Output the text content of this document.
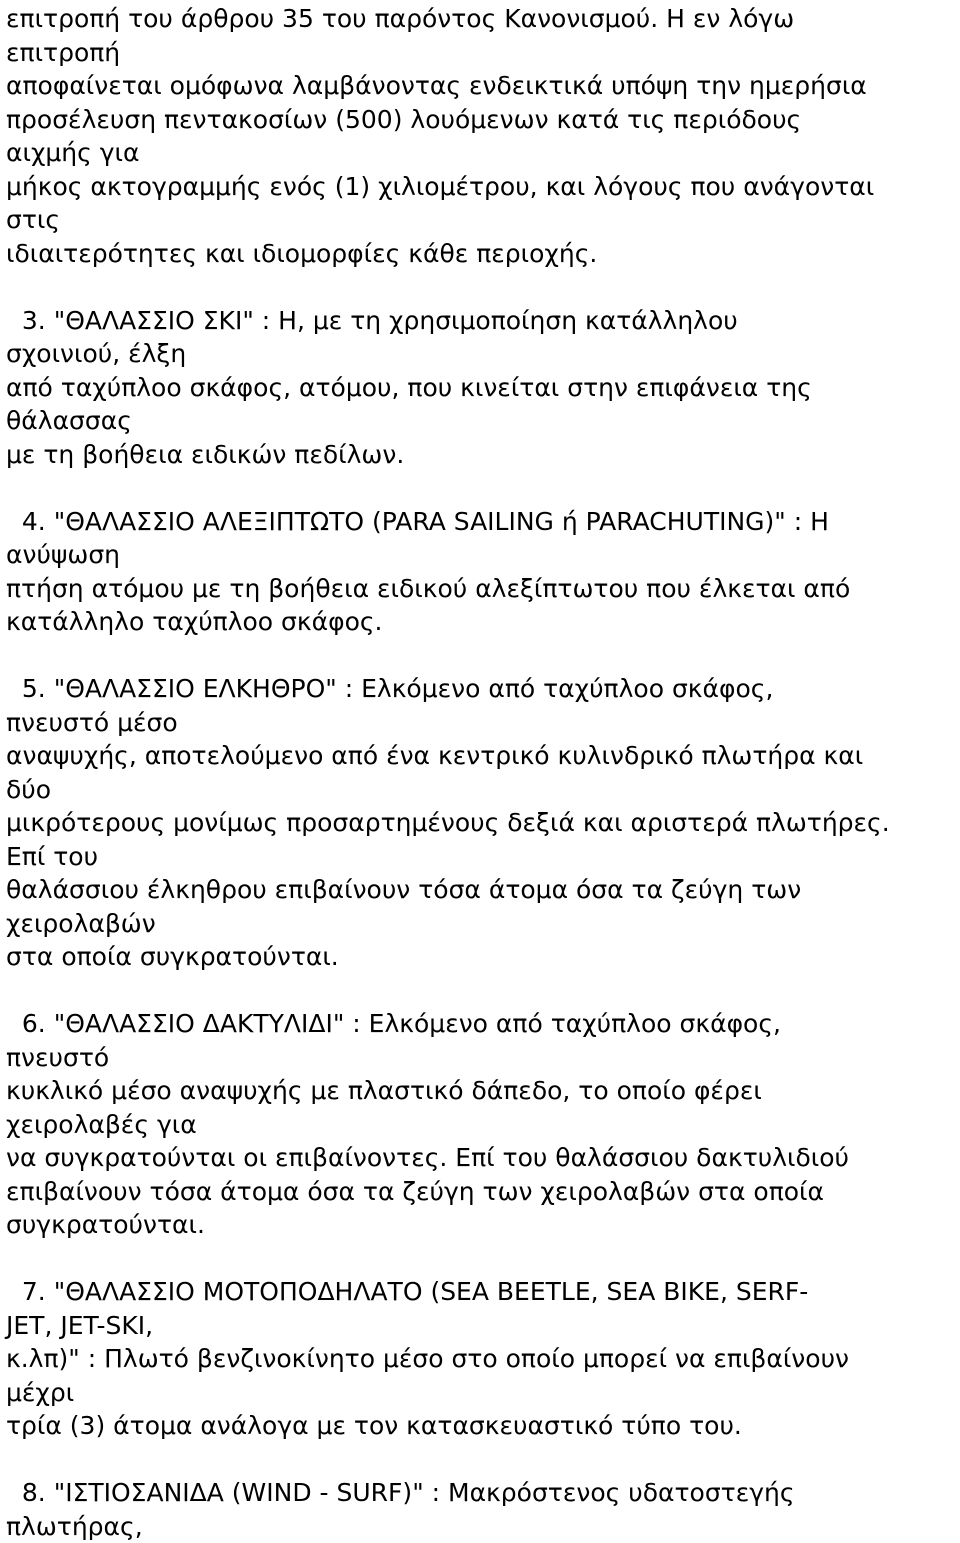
επιτροπή του άρθρου 35 του παρόντος Κανονισμού. Η εν λόγω
επιτροπή
αποφαίνεται ομόφωνα λαμβάνοντας ενδεικτικά υπόψη την ημερήσια
προσέλευση πεντακοσίων (500) λουόμενων κατά τις περιόδους
αιχμής για
μήκος ακτογραμμής ενός (1) χιλιομέτρου, και λόγους που ανάγονται
στις
ιδιαιτερότητες και ιδιομορφίες κάθε περιοχής.
3. "ΘΑΛΑΣΣΙΟ ΣΚΙ" : Η, με τη χρησιμοποίηση κατάλληλου
σχοινιού, έλξη
από ταχύπλοο σκάφος, ατόμου, που κινείται στην επιφάνεια της
θάλασσας
με τη βοήθεια ειδικών πεδίλων.
4. "ΘΑΛΑΣΣΙΟ ΑΛΕΞΙΠΤΩΤΟ (PARA SAILING ή PARACHUTING)" : Η
ανύψωση
πτήση ατόμου με τη βοήθεια ειδικού αλεξίπτωτου που έλκεται από
κατάλληλο ταχύπλοο σκάφος.
5. "ΘΑΛΑΣΣΙΟ ΕΛΚΗΘΡΟ" : Ελκόμενο από ταχύπλοο σκάφος,
πνευστό μέσο
αναψυχής, αποτελούμενο από ένα κεντρικό κυλινδρικό πλωτήρα και
δύο
μικρότερους μονίμως προσαρτημένους δεξιά και αριστερά πλωτήρες.
Επί του
θαλάσσιου έλκηθρου επιβαίνουν τόσα άτομα όσα τα ζεύγη των
χειρολαβών
στα οποία συγκρατούνται.
6. "ΘΑΛΑΣΣΙΟ ΔΑΚΤΥΛΙΔΙ" : Ελκόμενο από ταχύπλοο σκάφος,
πνευστό
κυκλικό μέσο αναψυχής με πλαστικό δάπεδο, το οποίο φέρει
χειρολαβές για
να συγκρατούνται οι επιβαίνοντες. Επί του θαλάσσιου δακτυλιδιού
επιβαίνουν τόσα άτομα όσα τα ζεύγη των χειρολαβών στα οποία
συγκρατούνται.
7. "ΘΑΛΑΣΣΙΟ ΜΟΤΟΠΟΔΗΛΑΤΟ (SEA BEETLE, SEA BIKE, SERF-
JET, JET-SKI,
κ.λπ)" : Πλωτό βενζινοκίνητο μέσο στο οποίο μπορεί να επιβαίνουν
μέχρι
τρία (3) άτομα ανάλογα με τον κατασκευαστικό τύπο του.
8. "ΙΣΤΙΟΣΑΝΙΔΑ (WIND - SURF)" : Μακρόστενος υδατοστεγής
πλωτήρας,
